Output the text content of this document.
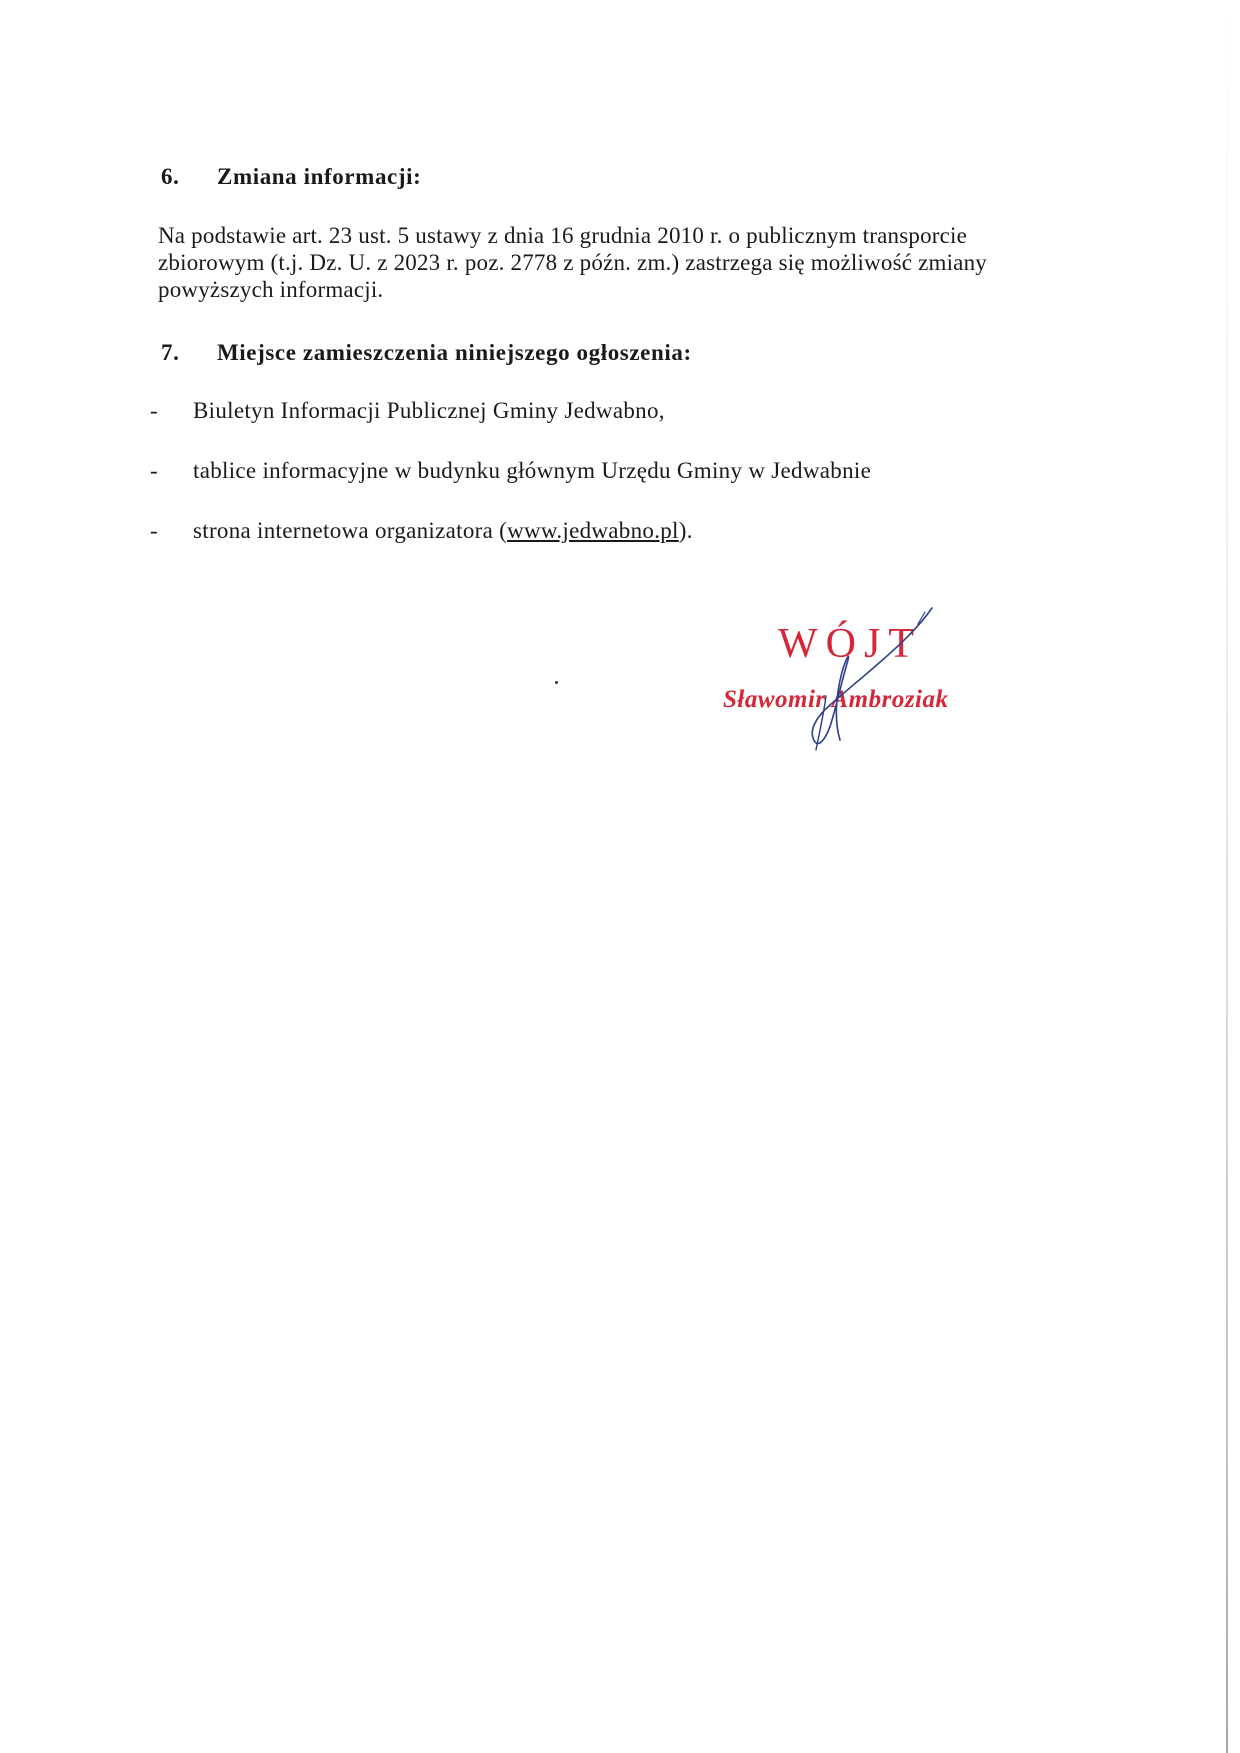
6. Zmiana informacji:
Na podstawie art. 23 ust. 5 ustawy z dnia 16 grudnia 2010 r. o publicznym transporcie
zbiorowym (t.j. Dz. U. z 2023 r. poz. 2778 z późn. zm.) zastrzega się możliwość zmiany
powyższych informacji.
7. Miejsce zamieszczenia niniejszego ogłoszenia:
- Biuletyn Informacji Publicznej Gminy Jedwabno,
- tablice informacyjne w budynku głównym Urzędu Gminy w Jedwabnie
- strona internetowa organizatora (www.jedwabno.pl).
WÓJT
Sławomir Ambroziak
